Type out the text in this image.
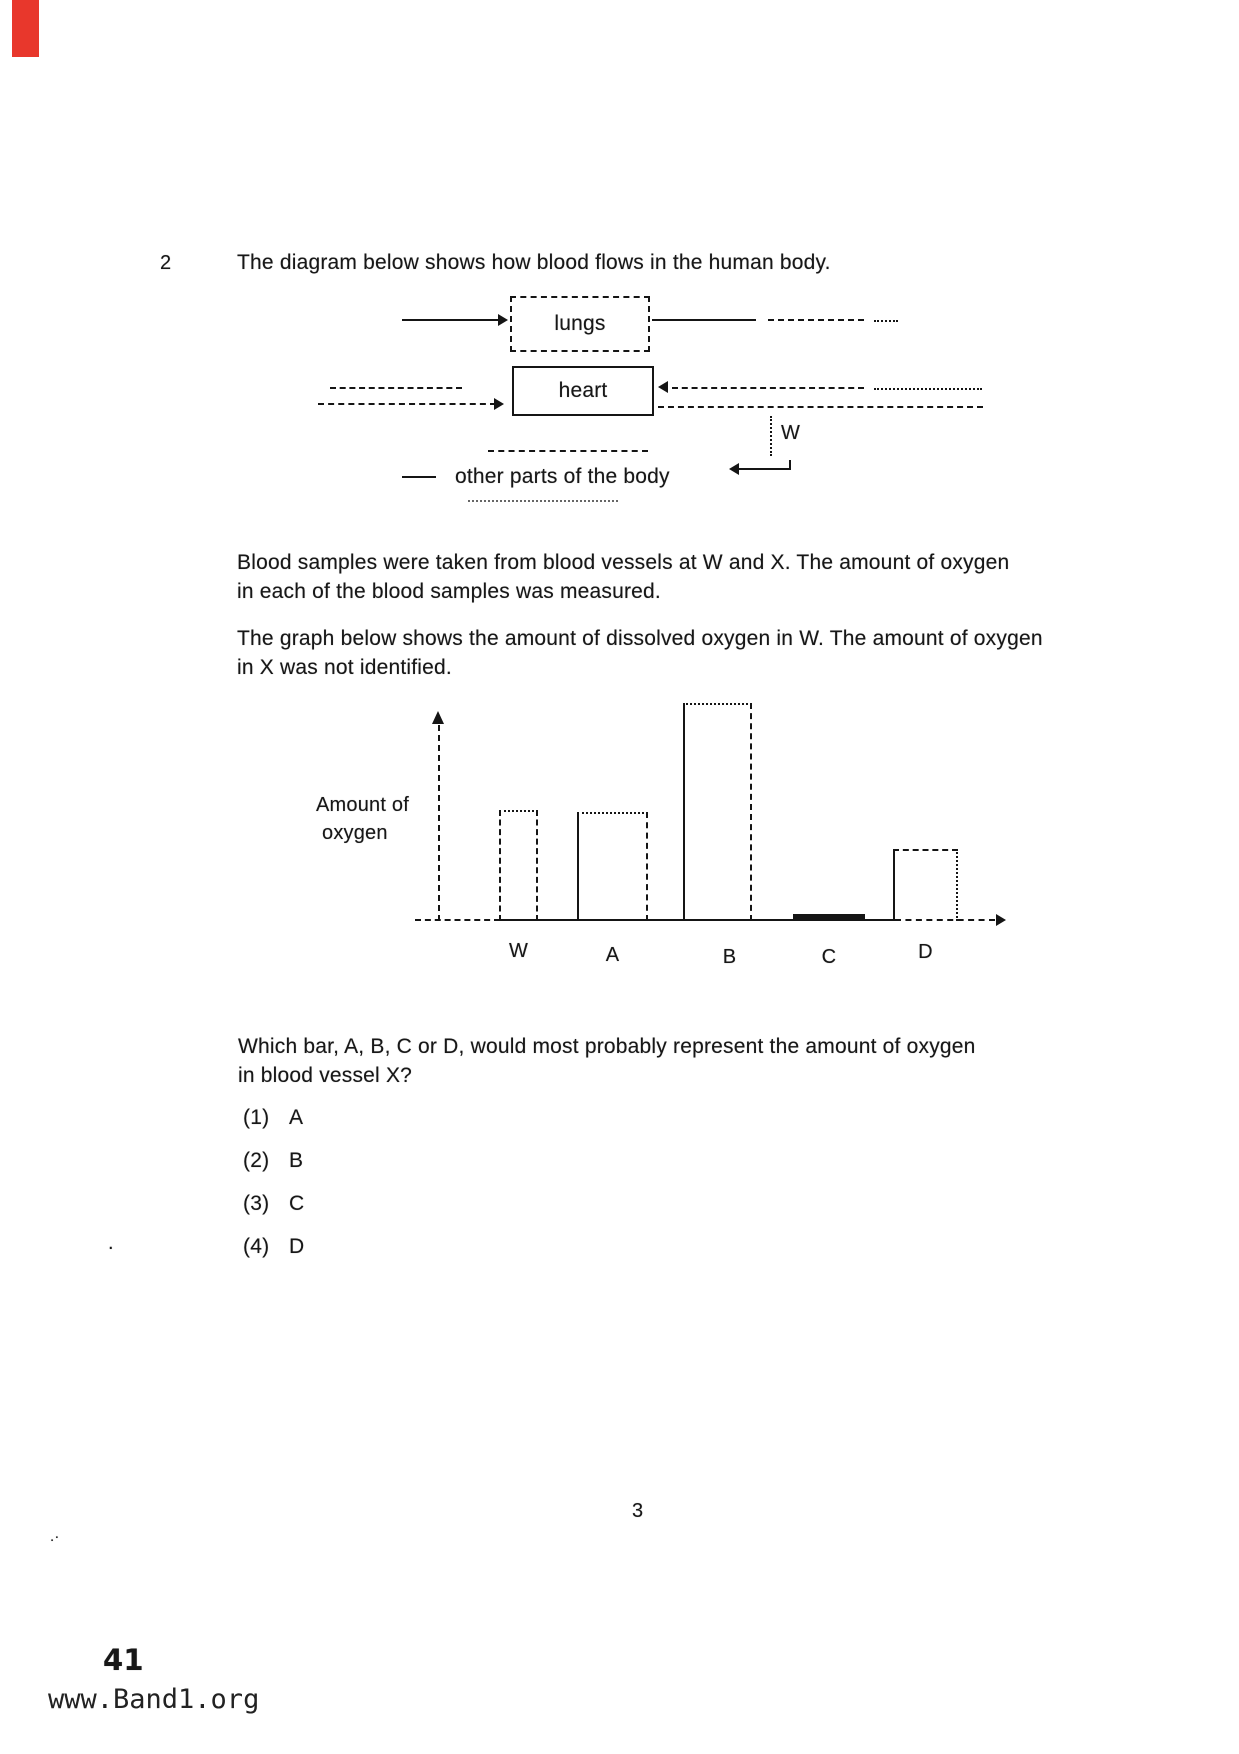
2	The diagram below shows how blood flows in the human body.
lungs
heart
W
other parts of the body
Blood samples were taken from blood vessels at W and X. The amount of oxygen
in each of the blood samples was measured.
The graph below shows the amount of dissolved oxygen in W. The amount of oxygen
in X was not identified.
Amount of
oxygen
W	A	B	C	D
Which bar, A, B, C or D, would most probably represent the amount of oxygen
in blood vessel X?
(1) A
(2) B
(3) C
(4) D
.
.·
3
41
www.Band1.org
